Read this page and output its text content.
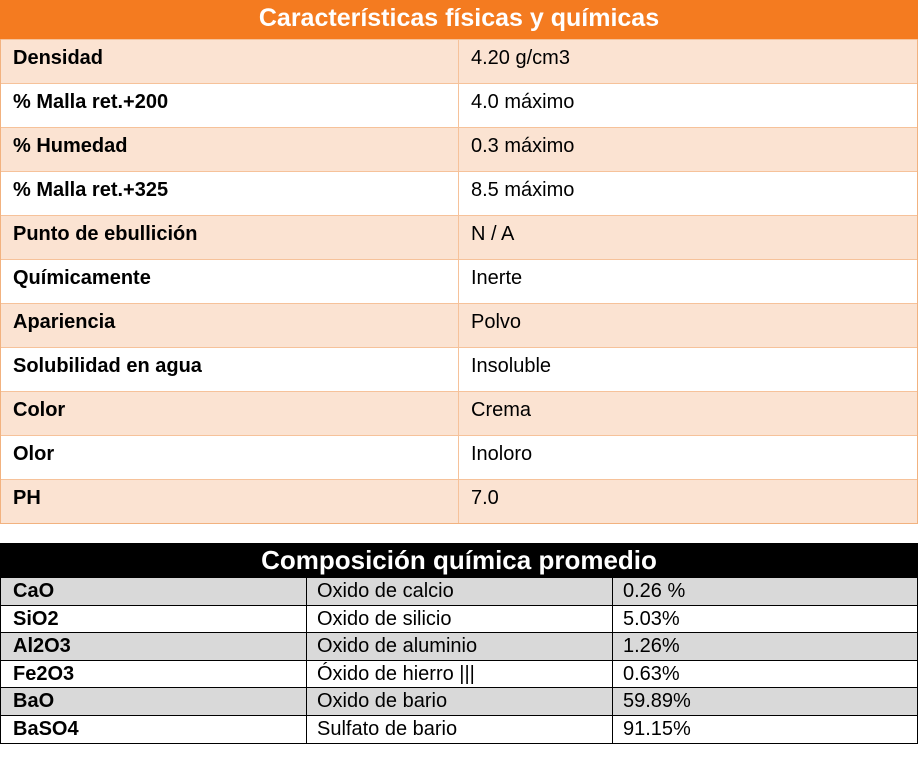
Características físicas y químicas
Densidad	4.20 g/cm3
% Malla ret.+200	4.0 máximo
% Humedad	0.3 máximo
% Malla ret.+325	8.5 máximo
Punto de ebullición	N / A
Químicamente	Inerte
Apariencia	Polvo
Solubilidad en agua	Insoluble
Color	Crema
Olor	Inoloro
PH	7.0
Composición química promedio
CaO	Oxido de calcio	0.26 %
SiO2	Oxido de silicio	5.03%
Al2O3	Oxido de aluminio	1.26%
Fe2O3	Óxido de hierro |||	0.63%
BaO	Oxido de bario	59.89%
BaSO4	Sulfato de bario	91.15%
